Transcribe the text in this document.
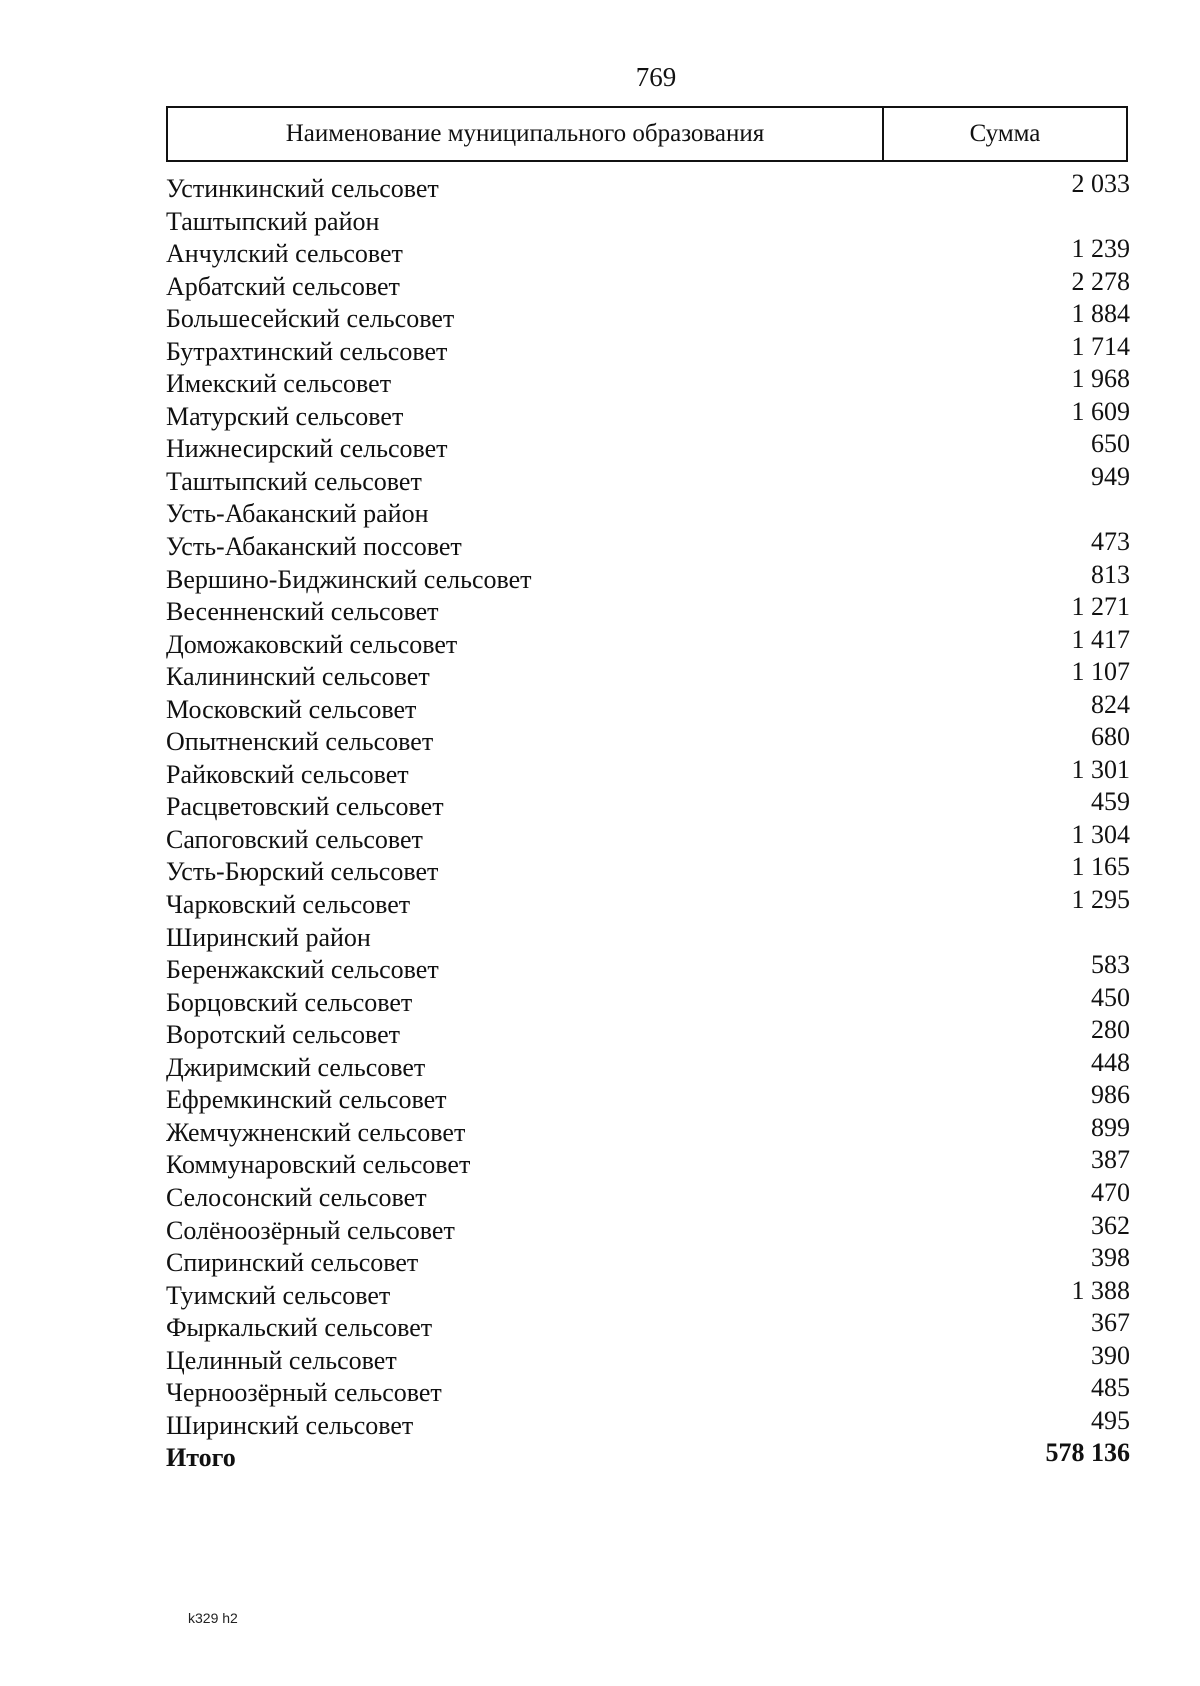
769
Наименование муниципального образования	Сумма
Устинкинский сельсовет	2 033
Таштыпский район
Анчулский сельсовет	1 239
Арбатский сельсовет	2 278
Большесейский сельсовет	1 884
Бутрахтинский сельсовет	1 714
Имекский сельсовет	1 968
Матурский сельсовет	1 609
Нижнесирский сельсовет	650
Таштыпский сельсовет	949
Усть-Абаканский район
Усть-Абаканский поссовет	473
Вершино-Биджинский сельсовет	813
Весенненский сельсовет	1 271
Доможаковский сельсовет	1 417
Калининский сельсовет	1 107
Московский сельсовет	824
Опытненский сельсовет	680
Райковский сельсовет	1 301
Расцветовский сельсовет	459
Сапоговский сельсовет	1 304
Усть-Бюрский сельсовет	1 165
Чарковский сельсовет	1 295
Ширинский район
Беренжакский сельсовет	583
Борцовский сельсовет	450
Воротский сельсовет	280
Джиримский сельсовет	448
Ефремкинский сельсовет	986
Жемчужненский сельсовет	899
Коммунаровский сельсовет	387
Селосонский сельсовет	470
Солёноозёрный сельсовет	362
Спиринский сельсовет	398
Туимский сельсовет	1 388
Фыркальский сельсовет	367
Целинный сельсовет	390
Черноозёрный сельсовет	485
Ширинский сельсовет	495
Итого	578 136
k329 h2
